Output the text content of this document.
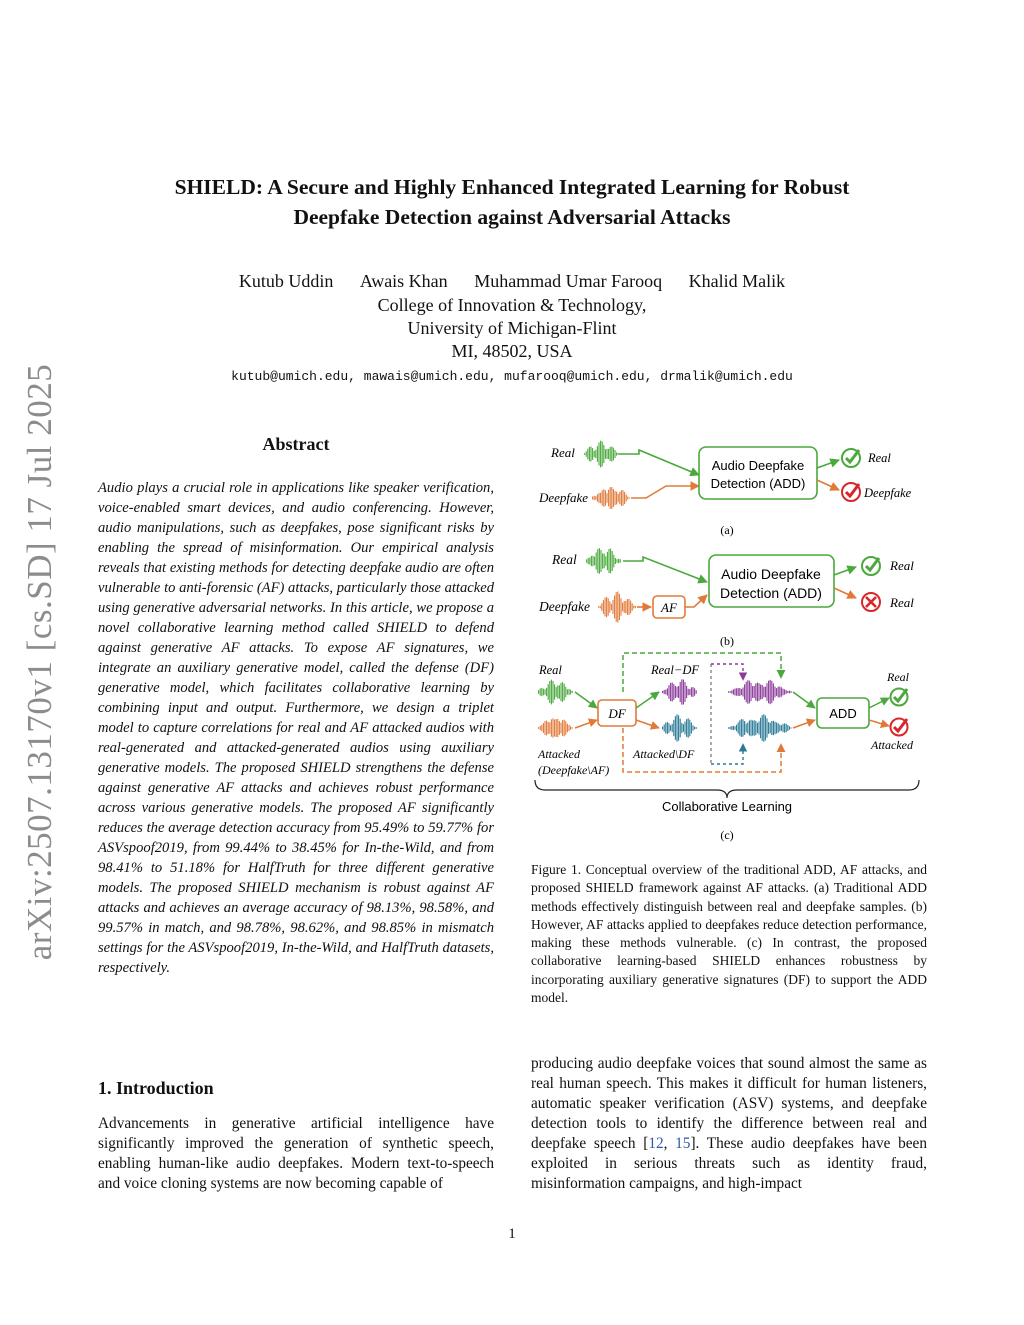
arXiv:2507.13170v1 [cs.SD] 17 Jul 2025
SHIELD: A Secure and Highly Enhanced Integrated Learning for Robust
Deepfake Detection against Adversarial Attacks
Kutub Uddin Awais Khan Muhammad Umar Farooq Khalid Malik
College of Innovation & Technology,
University of Michigan-Flint
MI, 48502, USA
kutub@umich.edu, mawais@umich.edu, mufarooq@umich.edu, drmalik@umich.edu
Abstract
Audio plays a crucial role in applications like speaker verification, voice-enabled smart devices, and audio conferencing. However, audio manipulations, such as deepfakes, pose significant risks by enabling the spread of misinformation. Our empirical analysis reveals that existing methods for detecting deepfake audio are often vulnerable to anti-forensic (AF) attacks, particularly those attacked using generative adversarial networks. In this article, we propose a novel collaborative learning method called SHIELD to defend against generative AF attacks. To expose AF signatures, we integrate an auxiliary generative model, called the defense (DF) generative model, which facilitates collaborative learning by combining input and output. Furthermore, we design a triplet model to capture correlations for real and AF attacked audios with real-generated and attacked-generated audios using auxiliary generative models. The proposed SHIELD strengthens the defense against generative AF attacks and achieves robust performance across various generative models. The proposed AF significantly reduces the average detection accuracy from 95.49% to 59.77% for ASVspoof2019, from 99.44% to 38.45% for In-the-Wild, and from 98.41% to 51.18% for HalfTruth for three different generative models. The proposed SHIELD mechanism is robust against AF attacks and achieves an average accuracy of 98.13%, 98.58%, and 99.57% in match, and 98.78%, 98.62%, and 98.85% in mismatch settings for the ASVspoof2019, In-the-Wild, and HalfTruth datasets, respectively.
1. Introduction
Advancements in generative artificial intelligence have significantly improved the generation of synthetic speech, enabling human-like audio deepfakes. Modern text-to-speech and voice cloning systems are now becoming capable of
producing audio deepfake voices that sound almost the same as real human speech. This makes it difficult for human listeners, automatic speaker verification (ASV) systems, and deepfake detection tools to identify the difference between real and deepfake speech [12, 15]. These audio deepfakes have been exploited in serious threats such as identity fraud, misinformation campaigns, and high-impact
Real
Deepfake
Audio Deepfake
Detection (ADD)
Real
Deepfake
(a)
Real
Deepfake	AF
Audio Deepfake
Detection (ADD)
Real
Real
(b)
Real	Real−DF
Attacked
(Deepfake\AF)
Attacked\DF
DF	ADD
Real
Attacked
Collaborative Learning
(c)
Figure 1. Conceptual overview of the traditional ADD, AF attacks, and proposed SHIELD framework against AF attacks. (a) Traditional ADD methods effectively distinguish between real and deepfake samples. (b) However, AF attacks applied to deepfakes reduce detection performance, making these methods vulnerable. (c) In contrast, the proposed collaborative learning-based SHIELD enhances robustness by incorporating auxiliary generative signatures (DF) to support the ADD model.
1
